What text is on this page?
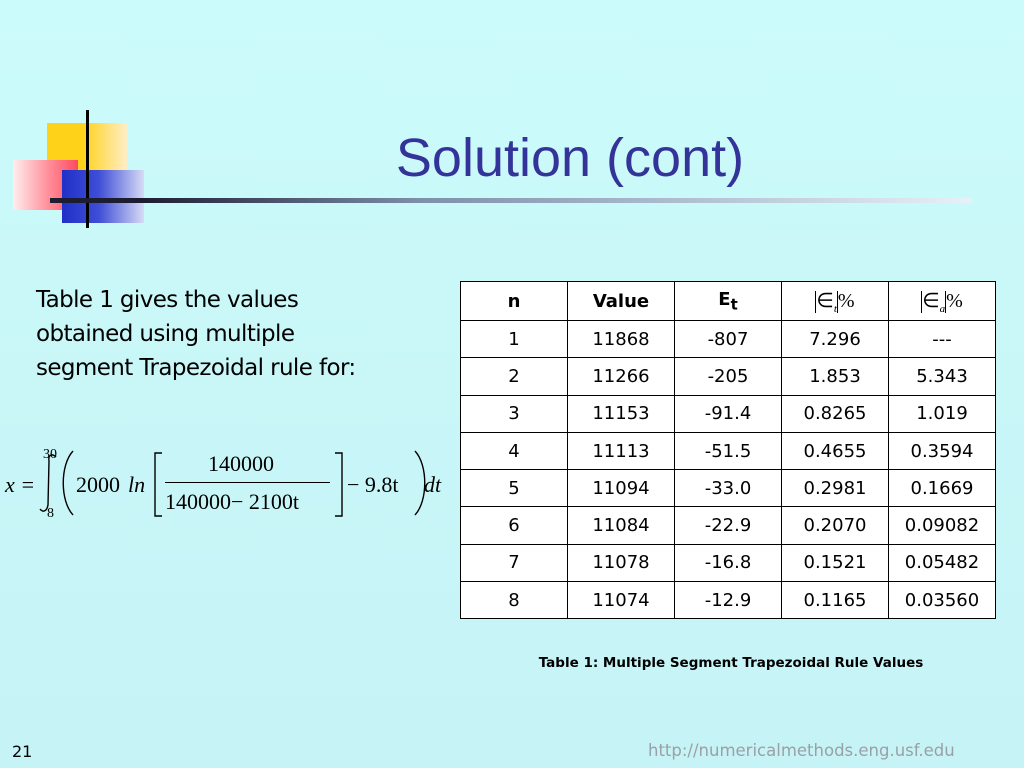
Solution (cont)

Table 1 gives the values obtained using multiple segment Trapezoidal rule for:

x =
30
8
2000 ln
140000
140000− 2100t
− 9.8t dt
n	Value	$E_t$	$\in_t\%$	$\in_a\%$
1	11868	-807	7.296	---
2	11266	-205	1.853	5.343
3	11153	-91.4	0.8265	1.019
4	11113	-51.5	0.4655	0.3594
5	11094	-33.0	0.2981	0.1669
6	11084	-22.9	0.2070	0.09082
7	11078	-16.8	0.1521	0.05482
8	11074	-12.9	0.1165	0.03560

Table 1: Multiple Segment Trapezoidal Rule Values

21	http://numericalmethods.eng.usf.edu
